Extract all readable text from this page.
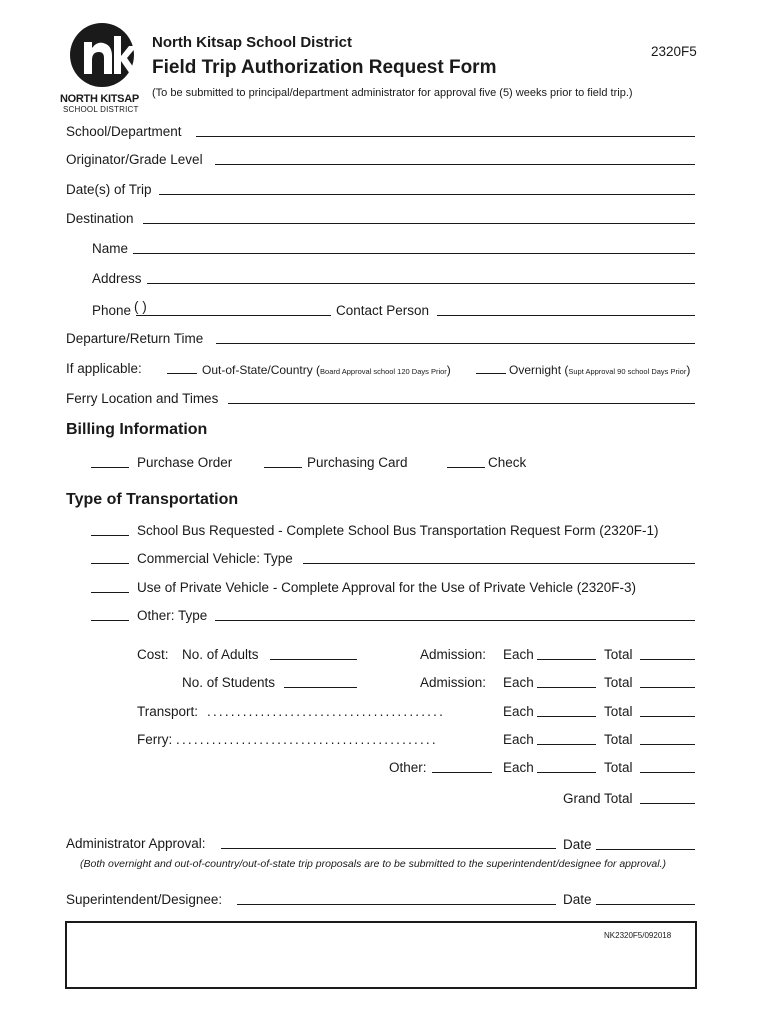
NORTH KITSAP
SCHOOL DISTRICT
North Kitsap School District
Field Trip Authorization Request Form
2320F5
(To be submitted to principal/department administrator for approval five (5) weeks prior to field trip.)
School/Department
Originator/Grade Level
Date(s) of Trip
Destination
Name
Address
Phone ( )	Contact Person
Departure/Return Time
If applicable:	Out-of-State/Country (Board Approval school 120 Days Prior)	Overnight (Supt Approval 90 school Days Prior)
Ferry Location and Times
Billing Information
Purchase Order	Purchasing Card	Check
Type of Transportation
School Bus Requested - Complete School Bus Transportation Request Form (2320F-1)
Commercial Vehicle: Type
Use of Private Vehicle - Complete Approval for the Use of Private Vehicle (2320F-3)
Other: Type
Cost: No. of Adults	Admission: Each	Total
No. of Students	Admission: Each	Total
Transport: ........................................	Each	Total
Ferry: ............................................	Each	Total
Other:	Each	Total
Grand Total
Administrator Approval:	Date
(Both overnight and out-of-country/out-of-state trip proposals are to be submitted to the superintendent/designee for approval.)
Superintendent/Designee:	Date
NK2320F5/092018
